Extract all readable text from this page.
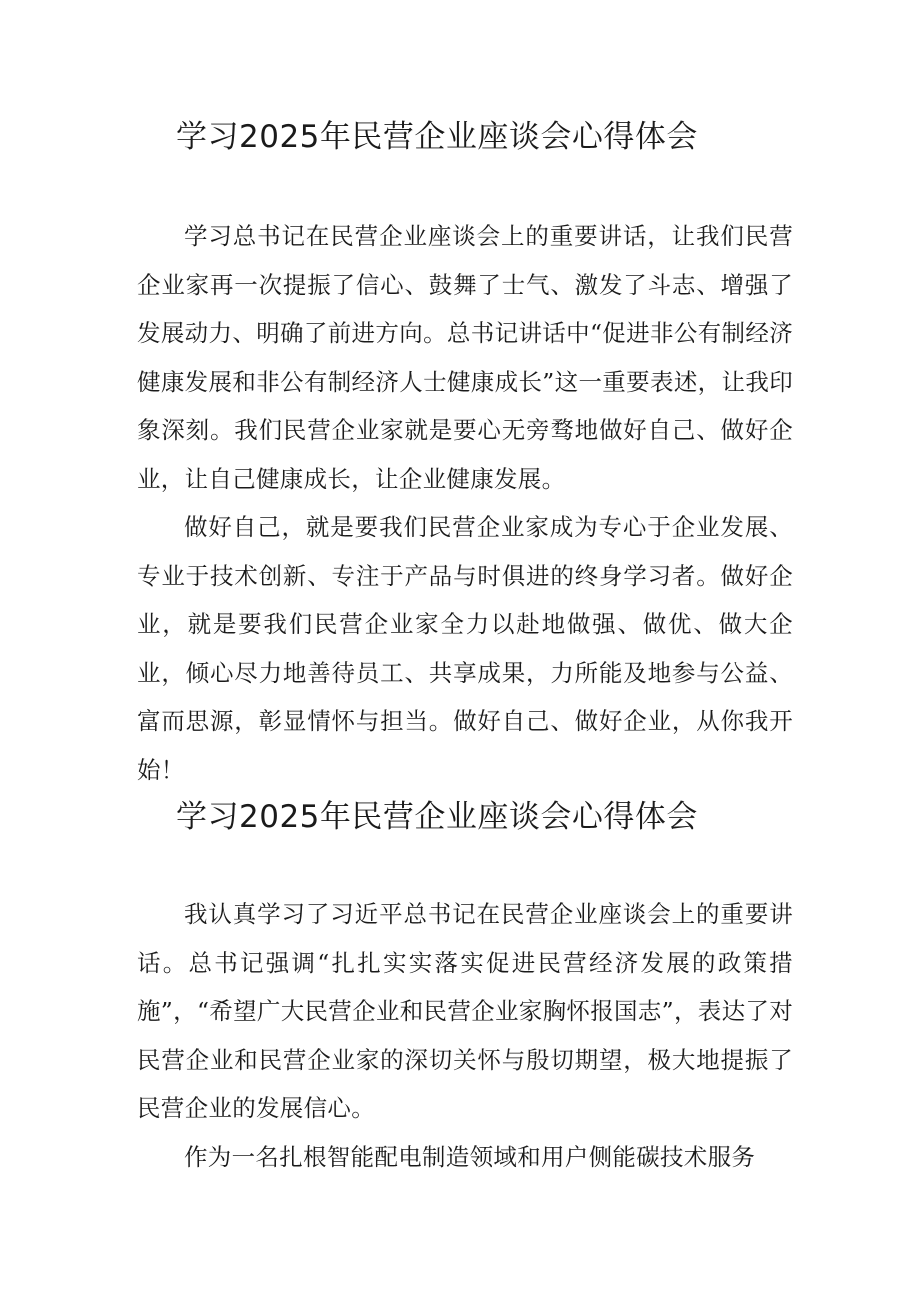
学习2025年民营企业座谈会心得体会

学习总书记在民营企业座谈会上的重要讲话，让我们民营企业家再一次提振了信心、鼓舞了士气、激发了斗志、增强了发展动力、明确了前进方向。总书记讲话中“促进非公有制经济健康发展和非公有制经济人士健康成长”这一重要表述，让我印象深刻。我们民营企业家就是要心无旁骛地做好自己、做好企业，让自己健康成长，让企业健康发展。

做好自己，就是要我们民营企业家成为专心于企业发展、专业于技术创新、专注于产品与时俱进的终身学习者。做好企业，就是要我们民营企业家全力以赴地做强、做优、做大企业，倾心尽力地善待员工、共享成果，力所能及地参与公益、富而思源，彰显情怀与担当。做好自己、做好企业，从你我开始！

学习2025年民营企业座谈会心得体会

我认真学习了习近平总书记在民营企业座谈会上的重要讲话。总书记强调“扎扎实实落实促进民营经济发展的政策措施”，“希望广大民营企业和民营企业家胸怀报国志”，表达了对民营企业和民营企业家的深切关怀与殷切期望，极大地提振了民营企业的发展信心。

作为一名扎根智能配电制造领域和用户侧能碳技术服务
